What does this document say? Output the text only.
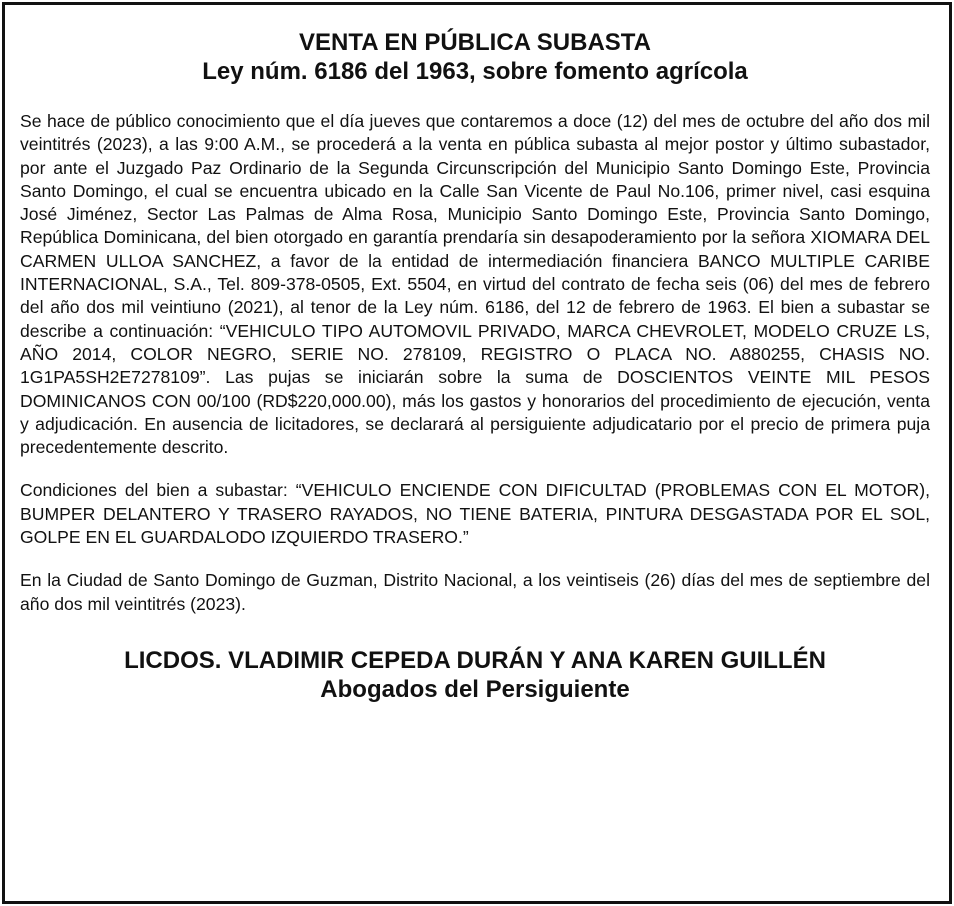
VENTA EN PÚBLICA SUBASTA
Ley núm. 6186 del 1963, sobre fomento agrícola

Se hace de público conocimiento que el día jueves que contaremos a doce (12) del mes de octubre del año dos mil veintitrés (2023), a las 9:00 A.M., se procederá a la venta en pública subasta al mejor postor y último subastador, por ante el Juzgado Paz Ordinario de la Segunda Circunscripción del Municipio Santo Domingo Este, Provincia Santo Domingo, el cual se encuentra ubicado en la Calle San Vicente de Paul No.106, primer nivel, casi esquina José Jiménez, Sector Las Palmas de Alma Rosa, Municipio Santo Domingo Este, Provincia Santo Domingo, República Dominicana, del bien otorgado en garantía prendaría sin desapoderamiento por la señora XIOMARA DEL CARMEN ULLOA SANCHEZ, a favor de la entidad de intermediación financiera BANCO MULTIPLE CARIBE INTERNACIONAL, S.A., Tel. 809-378-0505, Ext. 5504, en virtud del contrato de fecha seis (06) del mes de febrero del año dos mil veintiuno (2021), al tenor de la Ley núm. 6186, del 12 de febrero de 1963. El bien a subastar se describe a continuación: “VEHICULO TIPO AUTOMOVIL PRIVADO, MARCA CHEVROLET, MODELO CRUZE LS, AÑO 2014, COLOR NEGRO, SERIE NO. 278109, REGISTRO O PLACA NO. A880255, CHASIS NO. 1G1PA5SH2E7278109”. Las pujas se iniciarán sobre la suma de DOSCIENTOS VEINTE MIL PESOS DOMINICANOS CON 00/100 (RD$220,000.00), más los gastos y honorarios del procedimiento de ejecución, venta y adjudicación. En ausencia de licitadores, se declarará al persiguiente adjudicatario por el precio de primera puja precedentemente descrito.

Condiciones del bien a subastar: “VEHICULO ENCIENDE CON DIFICULTAD (PROBLEMAS CON EL MOTOR), BUMPER DELANTERO Y TRASERO RAYADOS, NO TIENE BATERIA, PINTURA DESGASTADA POR EL SOL, GOLPE EN EL GUARDALODO IZQUIERDO TRASERO.”

En la Ciudad de Santo Domingo de Guzman, Distrito Nacional, a los veintiseis (26) días del mes de septiembre del año dos mil veintitrés (2023).

LICDOS. VLADIMIR CEPEDA DURÁN Y ANA KAREN GUILLÉN
Abogados del Persiguiente
